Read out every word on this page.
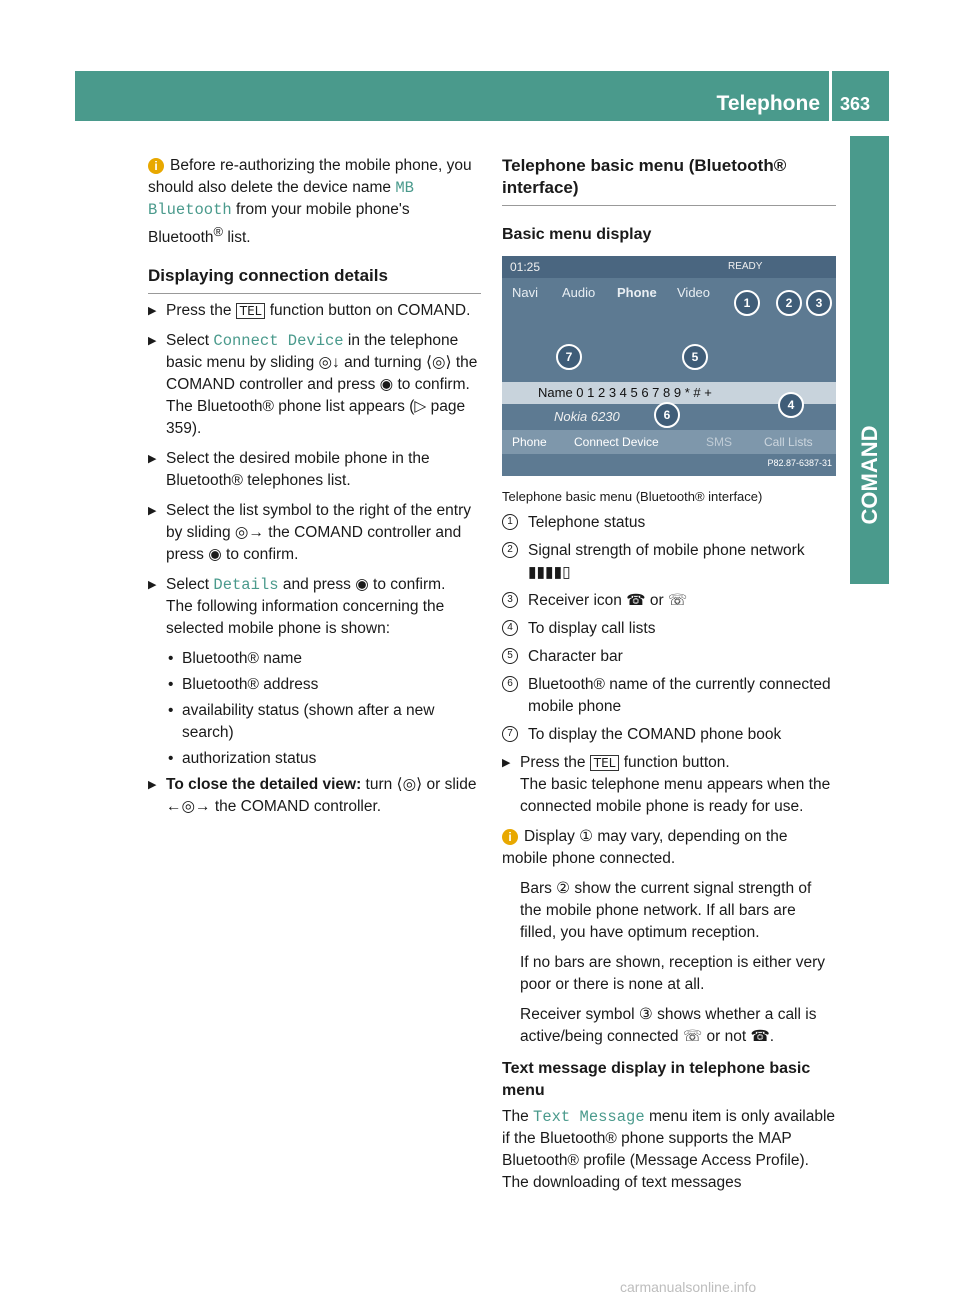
Telephone 363
COMAND

i Before re-authorizing the mobile phone, you should also delete the device name MB Bluetooth from your mobile phone's Bluetooth® list.

Displaying connection details

▶ Press the TEL function button on COMAND.

▶ Select Connect Device in the telephone basic menu by sliding ◎↓ and turning ⟨◎⟩ the COMAND controller and press ◉ to confirm.
The Bluetooth® phone list appears (▷ page 359).

▶ Select the desired mobile phone in the Bluetooth® telephones list.

▶ Select the list symbol to the right of the entry by sliding ◎→ the COMAND controller and press ◉ to confirm.

▶ Select Details and press ◉ to confirm.
The following information concerning the selected mobile phone is shown:

• Bluetooth® name

• Bluetooth® address

• availability status (shown after a new search)

• authorization status

▶ To close the detailed view: turn ⟨◎⟩ or slide ←◎→ the COMAND controller.

Telephone basic menu (Bluetooth® interface)
Basic menu display
01:25	READY
Navi Audio Phone Video
Name 0 1 2 3 4 5 6 7 8 9 * # +
Nokia 6230
Phone Connect Device	SMS	Call Lists
P82.87-6387-31
1	2	3
4
5
6
7

Telephone basic menu (Bluetooth® interface)

1 Telephone status

2 Signal strength of mobile phone network ▮▮▮▮▯

3 Receiver icon ☎ or ☏

4 To display call lists

5 Character bar

6 Bluetooth® name of the currently connected mobile phone

7 To display the COMAND phone book

▶ Press the TEL function button.
The basic telephone menu appears when the connected mobile phone is ready for use.

i Display ① may vary, depending on the mobile phone connected.

Bars ② show the current signal strength of the mobile phone network. If all bars are filled, you have optimum reception.

If no bars are shown, reception is either very poor or there is none at all.

Receiver symbol ③ shows whether a call is active/being connected ☏ or not ☎.

Text message display in telephone basic menu

The Text Message menu item is only available if the Bluetooth® phone supports the MAP Bluetooth® profile (Message Access Profile). The downloading of text messages

carmanualsonline.info
